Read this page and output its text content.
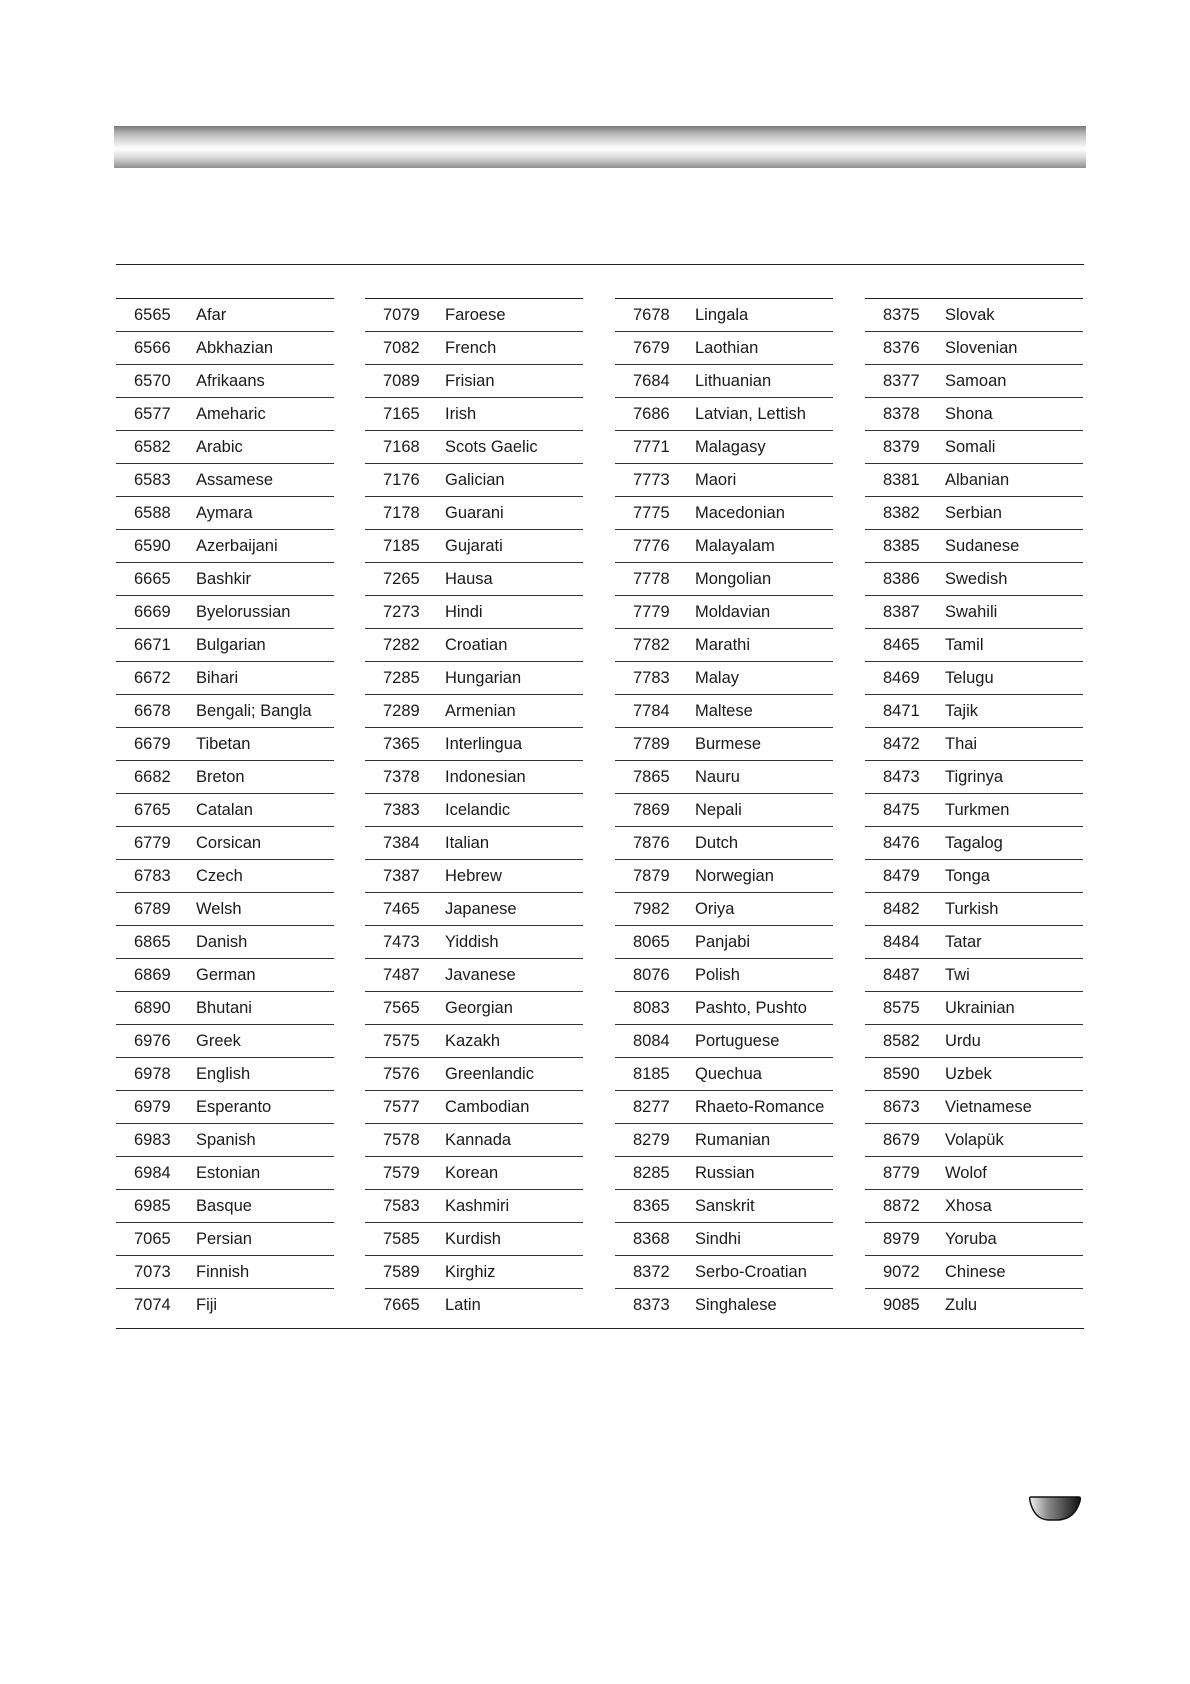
6565	Afar
6566	Abkhazian
6570	Afrikaans
6577	Ameharic
6582	Arabic
6583	Assamese
6588	Aymara
6590	Azerbaijani
6665	Bashkir
6669	Byelorussian
6671	Bulgarian
6672	Bihari
6678	Bengali; Bangla
6679	Tibetan
6682	Breton
6765	Catalan
6779	Corsican
6783	Czech
6789	Welsh
6865	Danish
6869	German
6890	Bhutani
6976	Greek
6978	English
6979	Esperanto
6983	Spanish
6984	Estonian
6985	Basque
7065	Persian
7073	Finnish
7074	Fiji
7079	Faroese
7082	French
7089	Frisian
7165	Irish
7168	Scots Gaelic
7176	Galician
7178	Guarani
7185	Gujarati
7265	Hausa
7273	Hindi
7282	Croatian
7285	Hungarian
7289	Armenian
7365	Interlingua
7378	Indonesian
7383	Icelandic
7384	Italian
7387	Hebrew
7465	Japanese
7473	Yiddish
7487	Javanese
7565	Georgian
7575	Kazakh
7576	Greenlandic
7577	Cambodian
7578	Kannada
7579	Korean
7583	Kashmiri
7585	Kurdish
7589	Kirghiz
7665	Latin
7678	Lingala
7679	Laothian
7684	Lithuanian
7686	Latvian, Lettish
7771	Malagasy
7773	Maori
7775	Macedonian
7776	Malayalam
7778	Mongolian
7779	Moldavian
7782	Marathi
7783	Malay
7784	Maltese
7789	Burmese
7865	Nauru
7869	Nepali
7876	Dutch
7879	Norwegian
7982	Oriya
8065	Panjabi
8076	Polish
8083	Pashto, Pushto
8084	Portuguese
8185	Quechua
8277	Rhaeto-Romance
8279	Rumanian
8285	Russian
8365	Sanskrit
8368	Sindhi
8372	Serbo-Croatian
8373	Singhalese
8375	Slovak
8376	Slovenian
8377	Samoan
8378	Shona
8379	Somali
8381	Albanian
8382	Serbian
8385	Sudanese
8386	Swedish
8387	Swahili
8465	Tamil
8469	Telugu
8471	Tajik
8472	Thai
8473	Tigrinya
8475	Turkmen
8476	Tagalog
8479	Tonga
8482	Turkish
8484	Tatar
8487	Twi
8575	Ukrainian
8582	Urdu
8590	Uzbek
8673	Vietnamese
8679	Volapük
8779	Wolof
8872	Xhosa
8979	Yoruba
9072	Chinese
9085	Zulu
